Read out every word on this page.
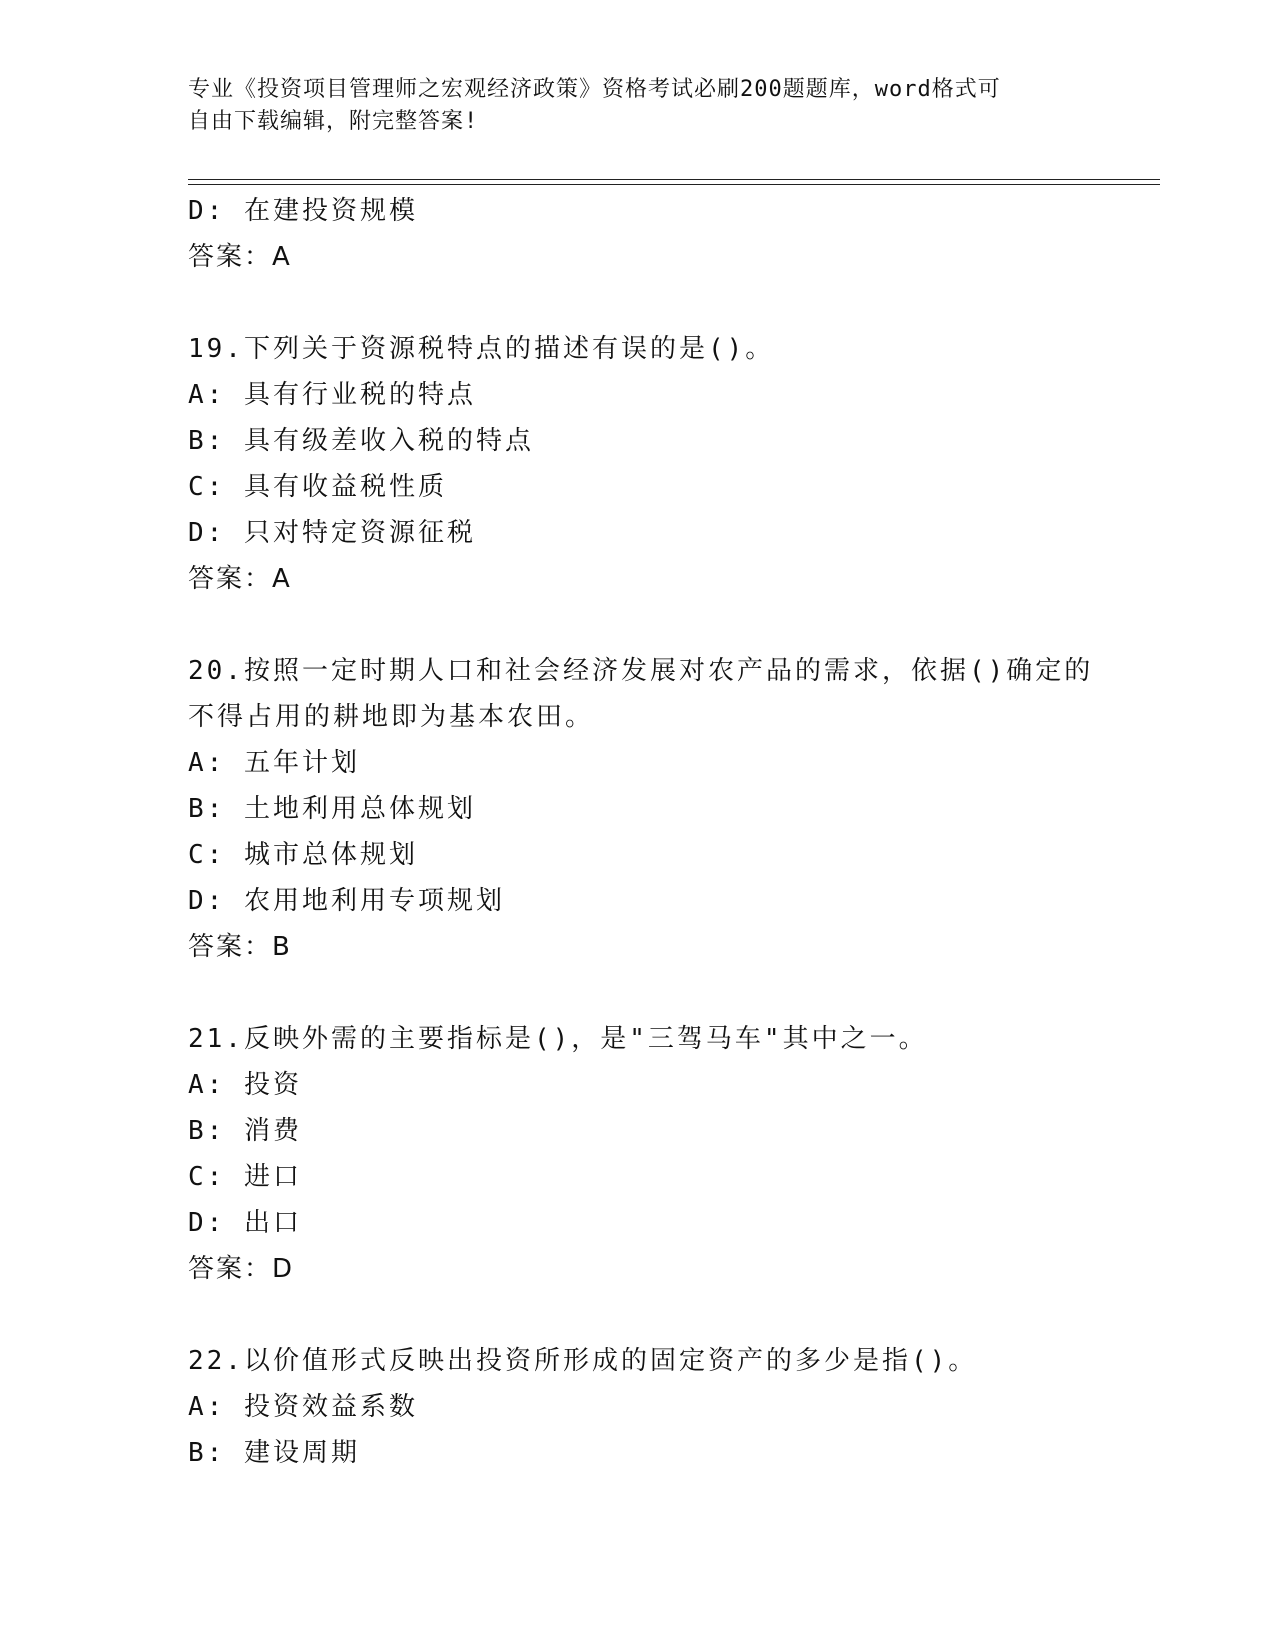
专业《投资项目管理师之宏观经济政策》资格考试必刷200题题库，word格式可

自由下载编辑，附完整答案!

D: 在建投资规模
答案：A
19.下列关于资源税特点的描述有误的是()。
A: 具有行业税的特点
B: 具有级差收入税的特点
C: 具有收益税性质
D: 只对特定资源征税
答案：A
20.按照一定时期人口和社会经济发展对农产品的需求，依据()确定的
不得占用的耕地即为基本农田。
A: 五年计划
B: 土地利用总体规划
C: 城市总体规划
D: 农用地利用专项规划
答案：B
21.反映外需的主要指标是()，是"三驾马车"其中之一。
A: 投资
B: 消费
C: 进口
D: 出口
答案：D
22.以价值形式反映出投资所形成的固定资产的多少是指()。
A: 投资效益系数
B: 建设周期
